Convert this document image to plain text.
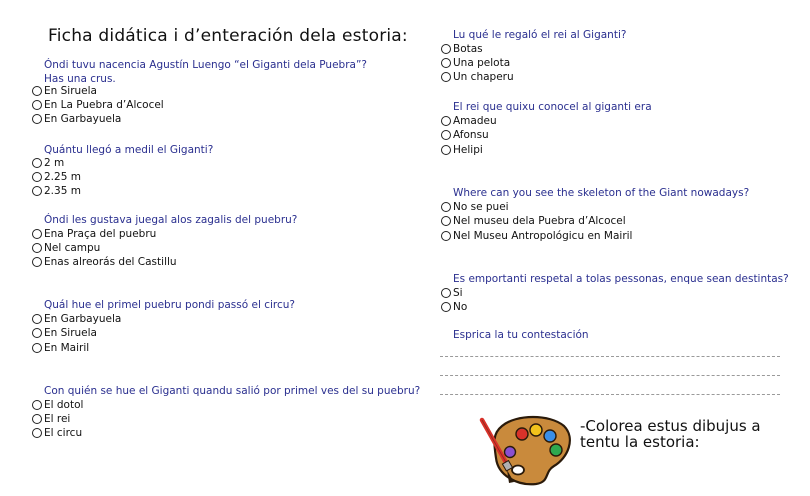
Ficha didática i d’enteración dela estoria:
Óndi tuvu nacencia Agustín Luengo “el Giganti dela Puebra”?
Has una crus.
En Siruela
En La Puebra d’Alcocel
En Garbayuela
Quántu llegó a medil el Giganti?
2 m
2.25 m
2.35 m
Óndi les gustava juegal alos zagalis del puebru?
Ena Praça del puebru
Nel campu
Enas alreorás del Castillu
Quál hue el primel puebru pondi passó el circu?
En Garbayuela
En Siruela
En Mairil
Con quién se hue el Giganti quandu salió por primel ves del su puebru?
El dotol
El rei
El circu
Lu qué le regaló el rei al Giganti?
Botas
Una pelota
Un chaperu
El rei que quixu conocel al giganti era
Amadeu
Afonsu
Helipi
Where can you see the skeleton of the Giant nowadays?
No se puei
Nel museu dela Puebra d’Alcocel
Nel Museu Antropológicu en Mairil
Es emportanti respetal a tolas pessonas, enque sean destintas?
Si
No
Esprica la tu contestación
-Colorea estus dibujus a
tentu la estoria:
